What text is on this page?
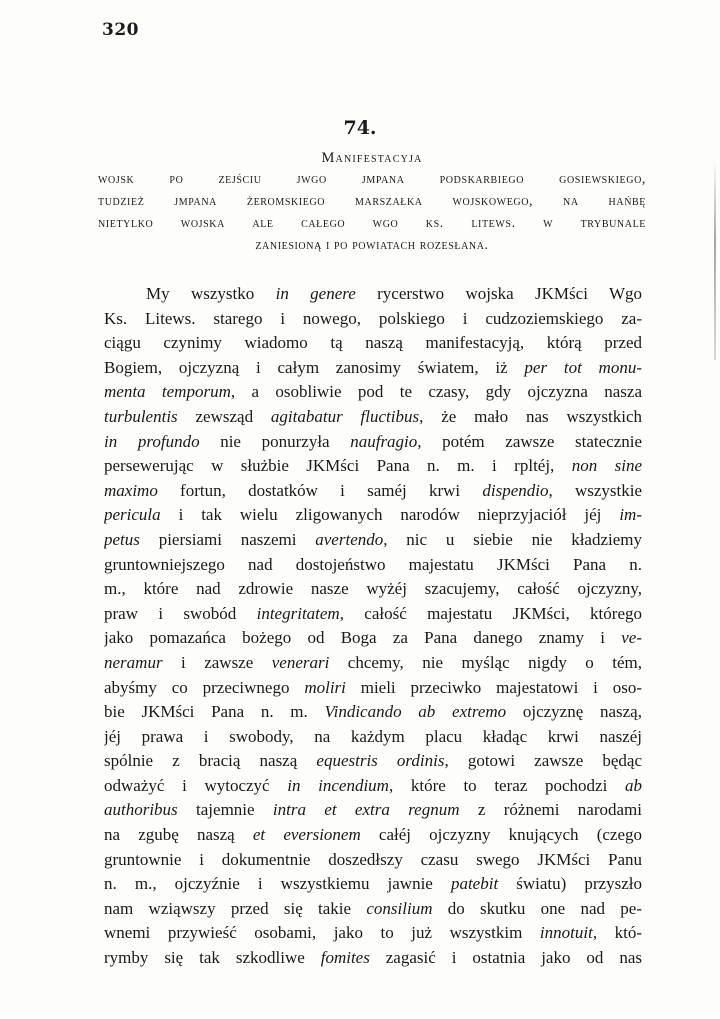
320
74.
Manifestacyja
wojsk po zejściu jwgo jmpana podskarbiego gosiewskiego,
tudzież jmpana żeromskiego marszałka wojskowego, na hańbę
nietylko wojska ale całego wgo ks. litews. w trybunale
zaniesioną i po powiatach rozesłana.
My wszystko in genere rycerstwo wojska JKMści Wgo
Ks. Litews. starego i nowego, polskiego i cudzoziemskiego za-
ciągu czynimy wiadomo tą naszą manifestacyją, którą przed
Bogiem, ojczyzną i całym zanosimy światem, iż per tot monu-
menta temporum, a osobliwie pod te czasy, gdy ojczyzna nasza
turbulentis zewsząd agitabatur fluctibus, że mało nas wszystkich
in profundo nie ponurzyła naufragio, potém zawsze statecznie
persewerując w służbie JKMści Pana n. m. i rpltéj, non sine
maximo fortun, dostatków i saméj krwi dispendio, wszystkie
pericula i tak wielu zligowanych narodów nieprzyjaciół jéj im-
petus piersiami naszemi avertendo, nic u siebie nie kładziemy
gruntowniejszego nad dostojeństwo majestatu JKMści Pana n.
m., które nad zdrowie nasze wyżéj szacujemy, całość ojczyzny,
praw i swobód integritatem, całość majestatu JKMści, którego
jako pomazańca bożego od Boga za Pana danego znamy i ve-
neramur i zawsze venerari chcemy, nie myśląc nigdy o tém,
abyśmy co przeciwnego moliri mieli przeciwko majestatowi i oso-
bie JKMści Pana n. m. Vindicando ab extremo ojczyznę naszą,
jéj prawa i swobody, na każdym placu kładąc krwi naszéj
spólnie z bracią naszą equestris ordinis, gotowi zawsze będąc
odważyć i wytoczyć in incendium, które to teraz pochodzi ab
authoribus tajemnie intra et extra regnum z różnemi narodami
na zgubę naszą et eversionem całéj ojczyzny knujących (czego
gruntownie i dokumentnie doszedłszy czasu swego JKMści Panu
n. m., ojczyźnie i wszystkiemu jawnie patebit światu) przyszło
nam wziąwszy przed się takie consilium do skutku one nad pe-
wnemi przywieść osobami, jako to już wszystkim innotuit, któ-
rymby się tak szkodliwe fomites zagasić i ostatnia jako od nas
